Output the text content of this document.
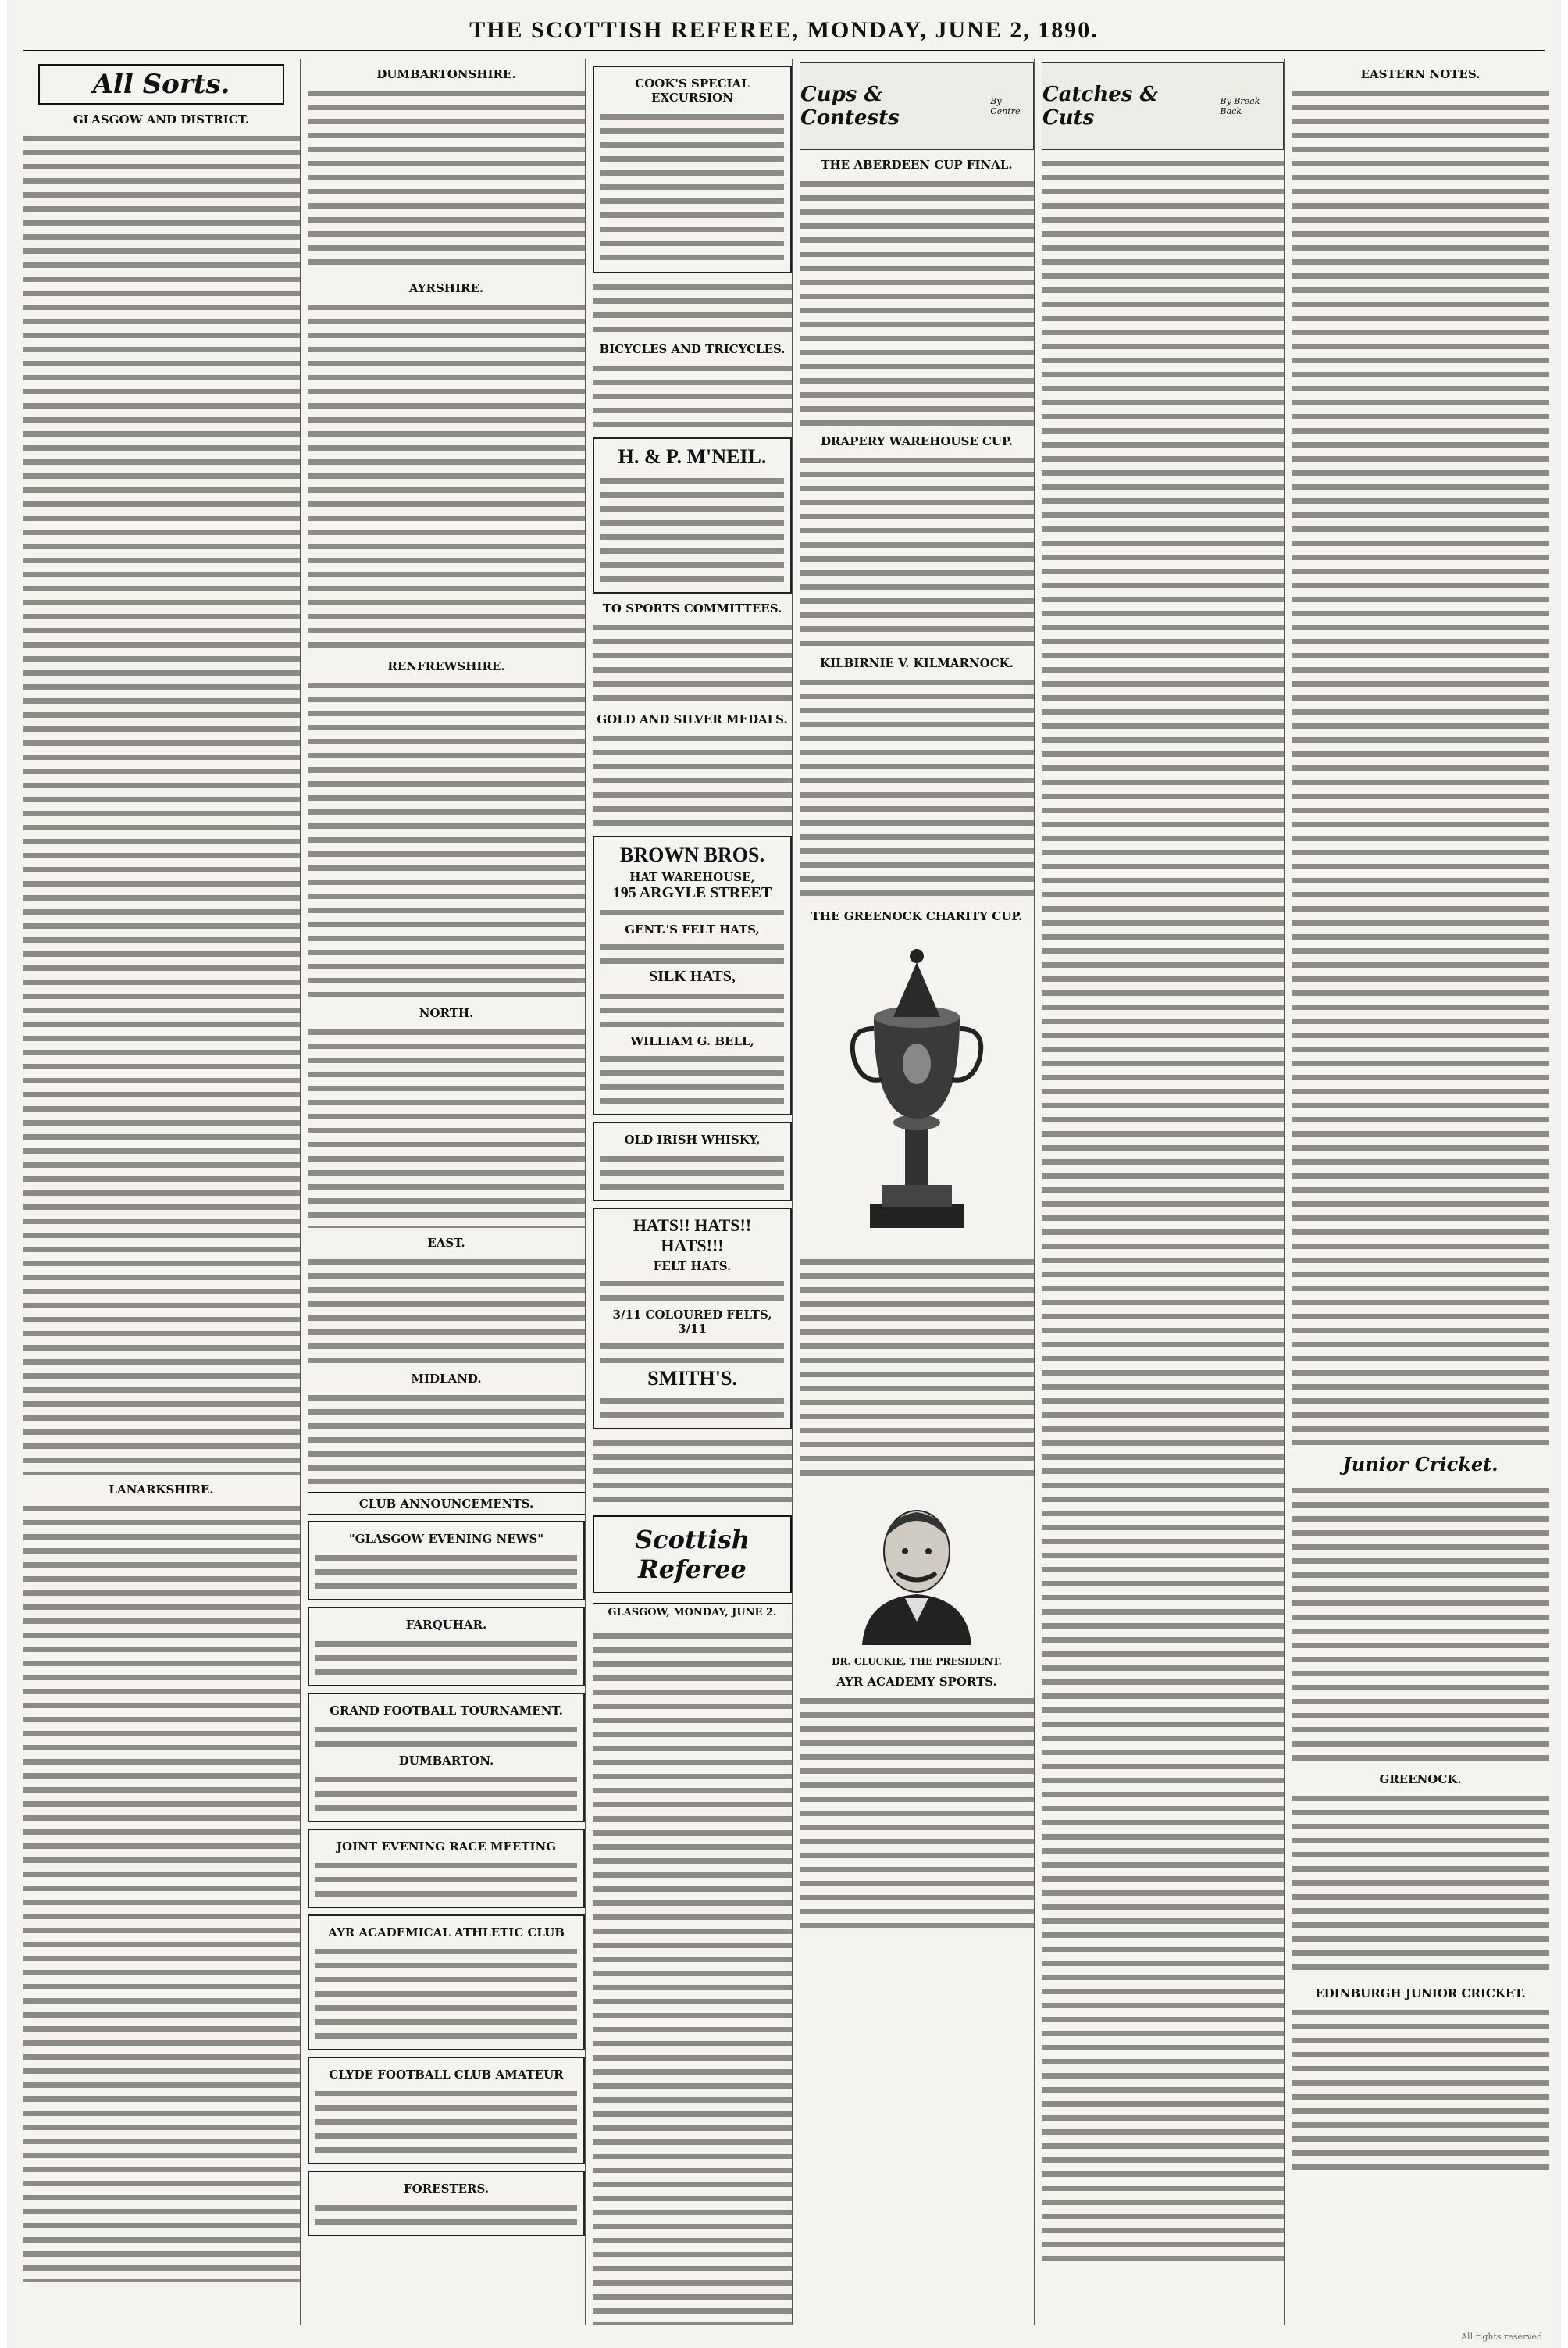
THE SCOTTISH REFEREE, MONDAY, JUNE 2, 1890.
All Sorts.
GLASGOW AND DISTRICT.
LANARKSHIRE.
DUMBARTONSHIRE.
AYRSHIRE.
RENFREWSHIRE.
NORTH.
EAST.
MIDLAND.
CLUB ANNOUNCEMENTS.
"GLASGOW EVENING NEWS"
FARQUHAR.
GRAND FOOTBALL TOURNAMENT.
DUMBARTON.
JOINT EVENING RACE MEETING
AYR ACADEMICAL ATHLETIC CLUB
CLYDE FOOTBALL CLUB AMATEUR
FORESTERS.
COOK'S SPECIAL EXCURSION
BICYCLES AND TRICYCLES.
H. & P. M'NEIL.
TO SPORTS COMMITTEES.
GOLD AND SILVER MEDALS.
BROWN BROS.
HAT WAREHOUSE,
195 ARGYLE STREET
GENT.'S FELT HATS,
SILK HATS,
WILLIAM G. BELL,
OLD IRISH WHISKY,
HATS!! HATS!! HATS!!!
FELT HATS.
3/11 COLOURED FELTS, 3/11
SMITH'S.
Scottish Referee
GLASGOW, MONDAY, JUNE 2.
Cups & Contests
By Centre
THE ABERDEEN CUP FINAL.
DRAPERY WAREHOUSE CUP.
KILBIRNIE V. KILMARNOCK.
THE GREENOCK CHARITY CUP.
DR. CLUCKIE, THE PRESIDENT.
AYR ACADEMY SPORTS.
Catches & Cuts
By Break Back
EASTERN NOTES.
Junior Cricket.
GREENOCK.
EDINBURGH JUNIOR CRICKET.
All rights reserved
